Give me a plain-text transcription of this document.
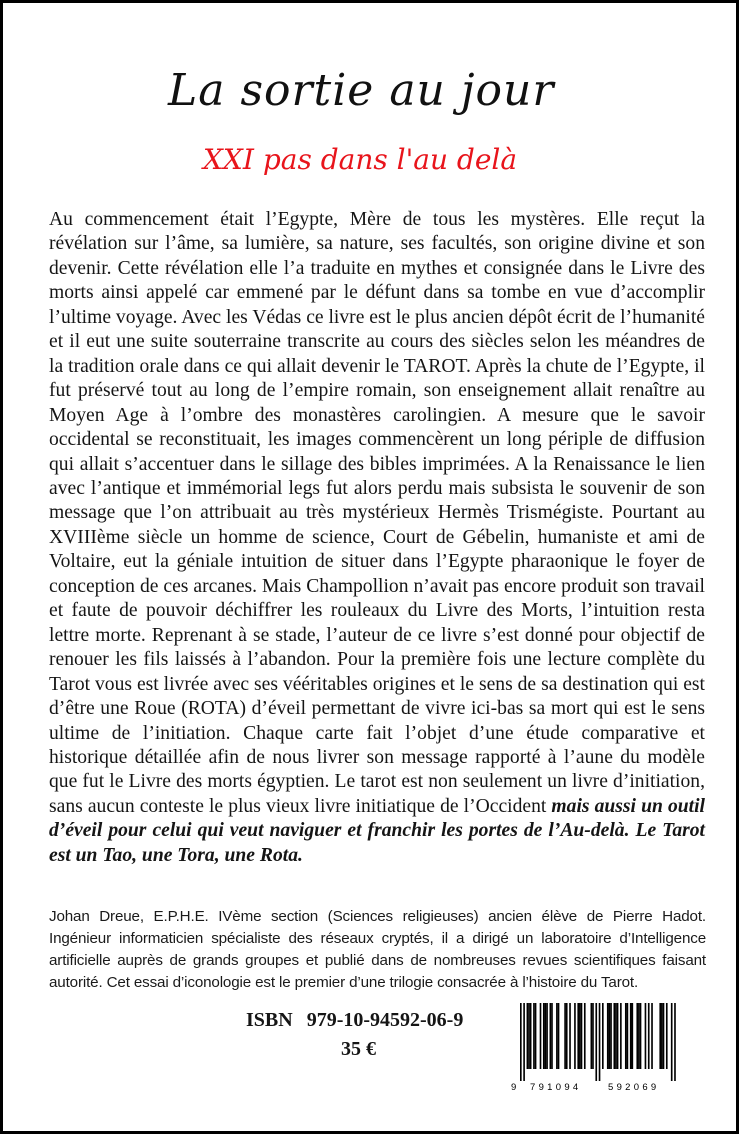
La sortie au jour
XXI pas dans l'au delà
Au commencement était l’Egypte, Mère de tous les mystères. Elle reçut la révélation sur l’âme, sa lumière, sa nature, ses facultés, son origine divine et son devenir. Cette révélation elle l’a traduite en mythes et consignée dans le Livre des morts ainsi appelé car emmené par le défunt dans sa tombe en vue d’accomplir l’ultime voyage. Avec les Védas ce livre est le plus ancien dépôt écrit de l’humanité et il eut une suite souterraine transcrite au cours des siècles selon les méandres de la tradition orale dans ce qui allait devenir le TAROT. Après la chute de l’Egypte, il fut préservé tout au long de l’empire romain, son enseignement allait renaître au Moyen Age à l’ombre des monastères carolingien. A mesure que le savoir occidental se reconstituait, les images commencèrent un long périple de diffusion qui allait s’accentuer dans le sillage des bibles imprimées. A la Renaissance le lien avec l’antique et immémorial legs fut alors perdu mais subsista le souvenir de son message que l’on attribuait au très mystérieux Hermès Trismégiste. Pourtant au XVIIIème siècle un homme de science, Court de Gébelin, humaniste et ami de Voltaire, eut la géniale intuition de situer dans l’Egypte pharaonique le foyer de conception de ces arcanes. Mais Champollion n’avait pas encore produit son travail et faute de pouvoir déchiffrer les rouleaux du Livre des Morts, l’intuition resta lettre morte. Reprenant à se stade, l’auteur de ce livre s’est donné pour objectif de renouer les fils laissés à l’abandon. Pour la première fois une lecture complète du Tarot vous est livrée avec ses vééritables origines et le sens de sa destination qui est d’être une Roue (ROTA) d’éveil permettant de vivre ici-bas sa mort qui est le sens ultime de l’initiation. Chaque carte fait l’objet d’une étude comparative et historique détaillée afin de nous livrer son message rapporté à l’aune du modèle que fut le Livre des morts égyptien. Le tarot est non seulement un livre d’initiation, sans aucun conteste le plus vieux livre initiatique de l’Occident mais aussi un outil d’éveil pour celui qui veut naviguer et franchir les portes de l’Au-delà. Le Tarot est un Tao, une Tora, une Rota.
Johan Dreue, E.P.H.E. IVème section (Sciences religieuses) ancien élève de Pierre Hadot. Ingénieur informaticien spécialiste des réseaux cryptés, il a dirigé un laboratoire d’Intelligence artificielle auprès de grands groupes et publié dans de nombreuses revues scientifiques faisant autorité. Cet essai d’iconologie est le premier d’une trilogie consacrée à l’histoire du Tarot.
ISBN 979-10-94592-06-9
35 €
9 791094	592069
